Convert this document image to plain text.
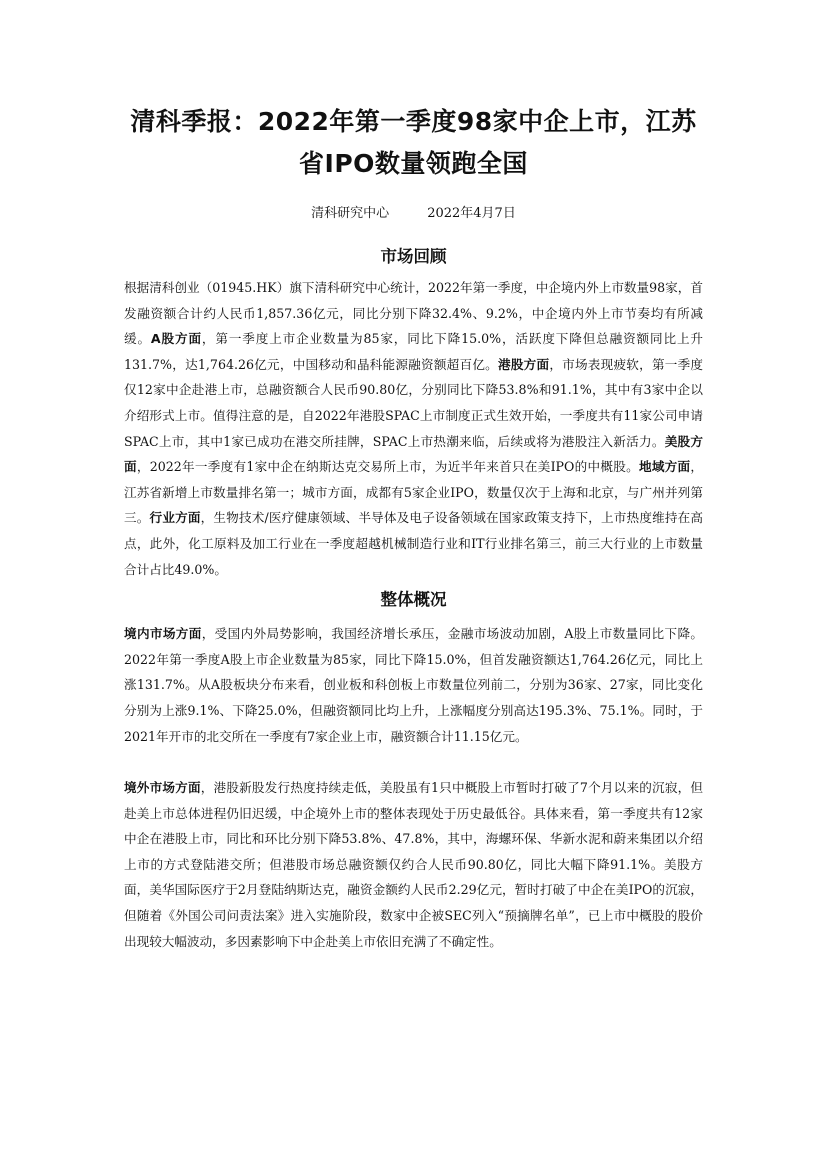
清科季报：2022年第一季度98家中企上市，江苏省IPO数量领跑全国
清科研究中心	2022年4月7日
市场回顾

根据清科创业（01945.HK）旗下清科研究中心统计，2022年第一季度，中企境内外上市数量98家，首发融资额合计约人民币1,857.36亿元，同比分别下降32.4%、9.2%，中企境内外上市节奏均有所减缓。A股方面，第一季度上市企业数量为85家，同比下降15.0%，活跃度下降但总融资额同比上升131.7%，达1,764.26亿元，中国移动和晶科能源融资额超百亿。港股方面，市场表现疲软，第一季度仅12家中企赴港上市，总融资额合人民币90.80亿，分别同比下降53.8%和91.1%，其中有3家中企以介绍形式上市。值得注意的是，自2022年港股SPAC上市制度正式生效开始，一季度共有11家公司申请SPAC上市，其中1家已成功在港交所挂牌，SPAC上市热潮来临，后续或将为港股注入新活力。美股方面，2022年一季度有1家中企在纳斯达克交易所上市，为近半年来首只在美IPO的中概股。地域方面，江苏省新增上市数量排名第一；城市方面，成都有5家企业IPO，数量仅次于上海和北京，与广州并列第三。行业方面，生物技术/医疗健康领域、半导体及电子设备领域在国家政策支持下，上市热度维持在高点，此外，化工原料及加工行业在一季度超越机械制造行业和IT行业排名第三，前三大行业的上市数量合计占比49.0%。

整体概况

境内市场方面，受国内外局势影响，我国经济增长承压，金融市场波动加剧，A股上市数量同比下降。 2022年第一季度A股上市企业数量为85家，同比下降15.0%，但首发融资额达1,764.26亿元，同比上涨131.7%。从A股板块分布来看，创业板和科创板上市数量位列前二，分别为36家、27家，同比变化分别为上涨9.1%、下降25.0%，但融资额同比均上升，上涨幅度分别高达195.3%、75.1%。同时，于2021年开市的北交所在一季度有7家企业上市，融资额合计11.15亿元。

境外市场方面，港股新股发行热度持续走低，美股虽有1只中概股上市暂时打破了7个月以来的沉寂，但赴美上市总体进程仍旧迟缓，中企境外上市的整体表现处于历史最低谷。具体来看，第一季度共有12家中企在港股上市，同比和环比分别下降53.8%、47.8%，其中，海螺环保、华新水泥和蔚来集团以介绍上市的方式登陆港交所；但港股市场总融资额仅约合人民币90.80亿，同比大幅下降91.1%。美股方面，美华国际医疗于2月登陆纳斯达克，融资金额约人民币2.29亿元，暂时打破了中企在美IPO的沉寂，但随着《外国公司问责法案》进入实施阶段，数家中企被SEC列入“预摘牌名单”，已上市中概股的股价出现较大幅波动，多因素影响下中企赴美上市依旧充满了不确定性。
